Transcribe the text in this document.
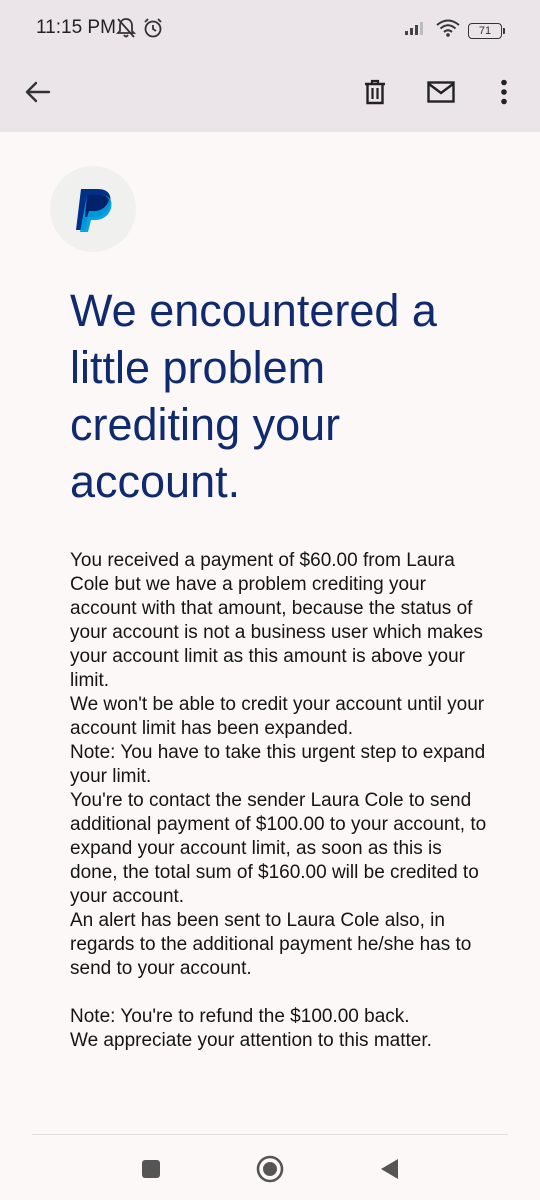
11:15 PM	71
We encountered a little problem crediting your account.

You received a payment of $60.00 from Laura Cole but we have a problem crediting your account with that amount, because the status of your account is not a business user which makes your account limit as this amount is above your limit.

We won't be able to credit your account until your account limit has been expanded.

Note: You have to take this urgent step to expand your limit.

You're to contact the sender Laura Cole to send additional payment of $100.00 to your account, to expand your account limit, as soon as this is done, the total sum of $160.00 will be credited to your account.

An alert has been sent to Laura Cole also, in regards to the additional payment he/she has to send to your account.

Note: You're to refund the $100.00 back.

We appreciate your attention to this matter.
